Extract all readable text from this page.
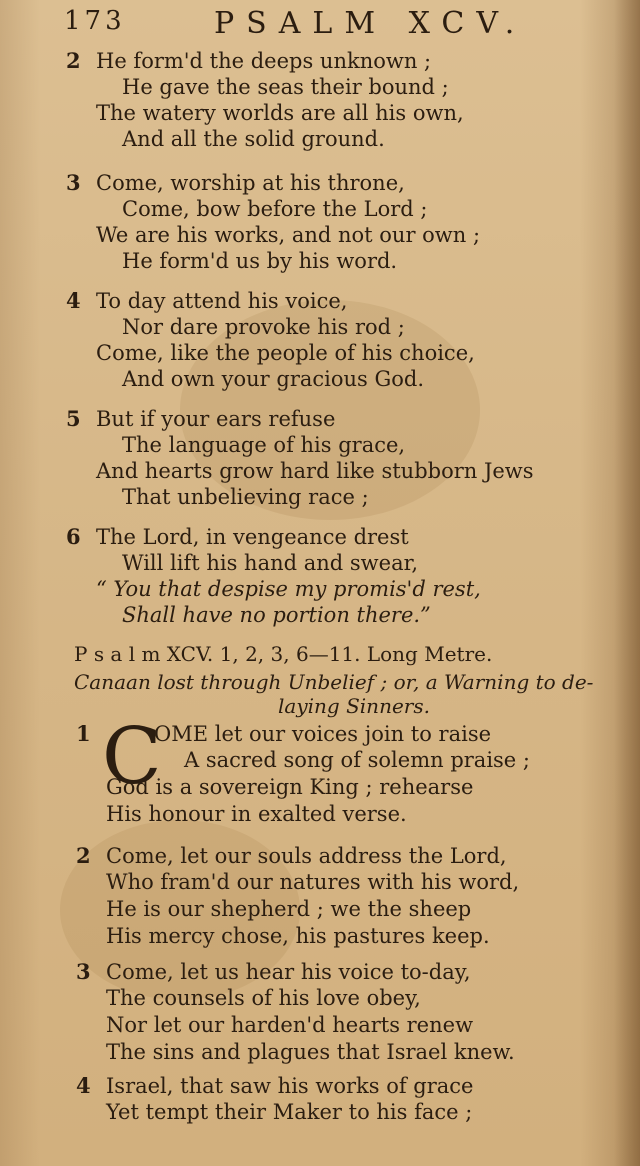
173	PSALM XCV.
2 He form'd the deeps unknown ;
He gave the seas their bound ;
The watery worlds are all his own,
And all the solid ground.
3 Come, worship at his throne,
Come, bow before the Lord ;
We are his works, and not our own ;
He form'd us by his word.
4 To day attend his voice,
Nor dare provoke his rod ;
Come, like the people of his choice,
And own your gracious God.
5 But if your ears refuse
The language of his grace,
And hearts grow hard like stubborn Jews
That unbelieving race ;
6 The Lord, in vengeance drest
Will lift his hand and swear,
“ You that despise my promis'd rest,
Shall have no portion there.”
P s a l m XCV. 1, 2, 3, 6—11. Long Metre.
Canaan lost through Unbelief ; or, a Warning to de-
laying Sinners.
C
1	OME let our voices join to raise
A sacred song of solemn praise ;
God is a sovereign King ; rehearse
His honour in exalted verse.
2 Come, let our souls address the Lord,
Who fram'd our natures with his word,
He is our shepherd ; we the sheep
His mercy chose, his pastures keep.
3 Come, let us hear his voice to-day,
The counsels of his love obey,
Nor let our harden'd hearts renew
The sins and plagues that Israel knew.
4 Israel, that saw his works of grace
Yet tempt their Maker to his face ;
